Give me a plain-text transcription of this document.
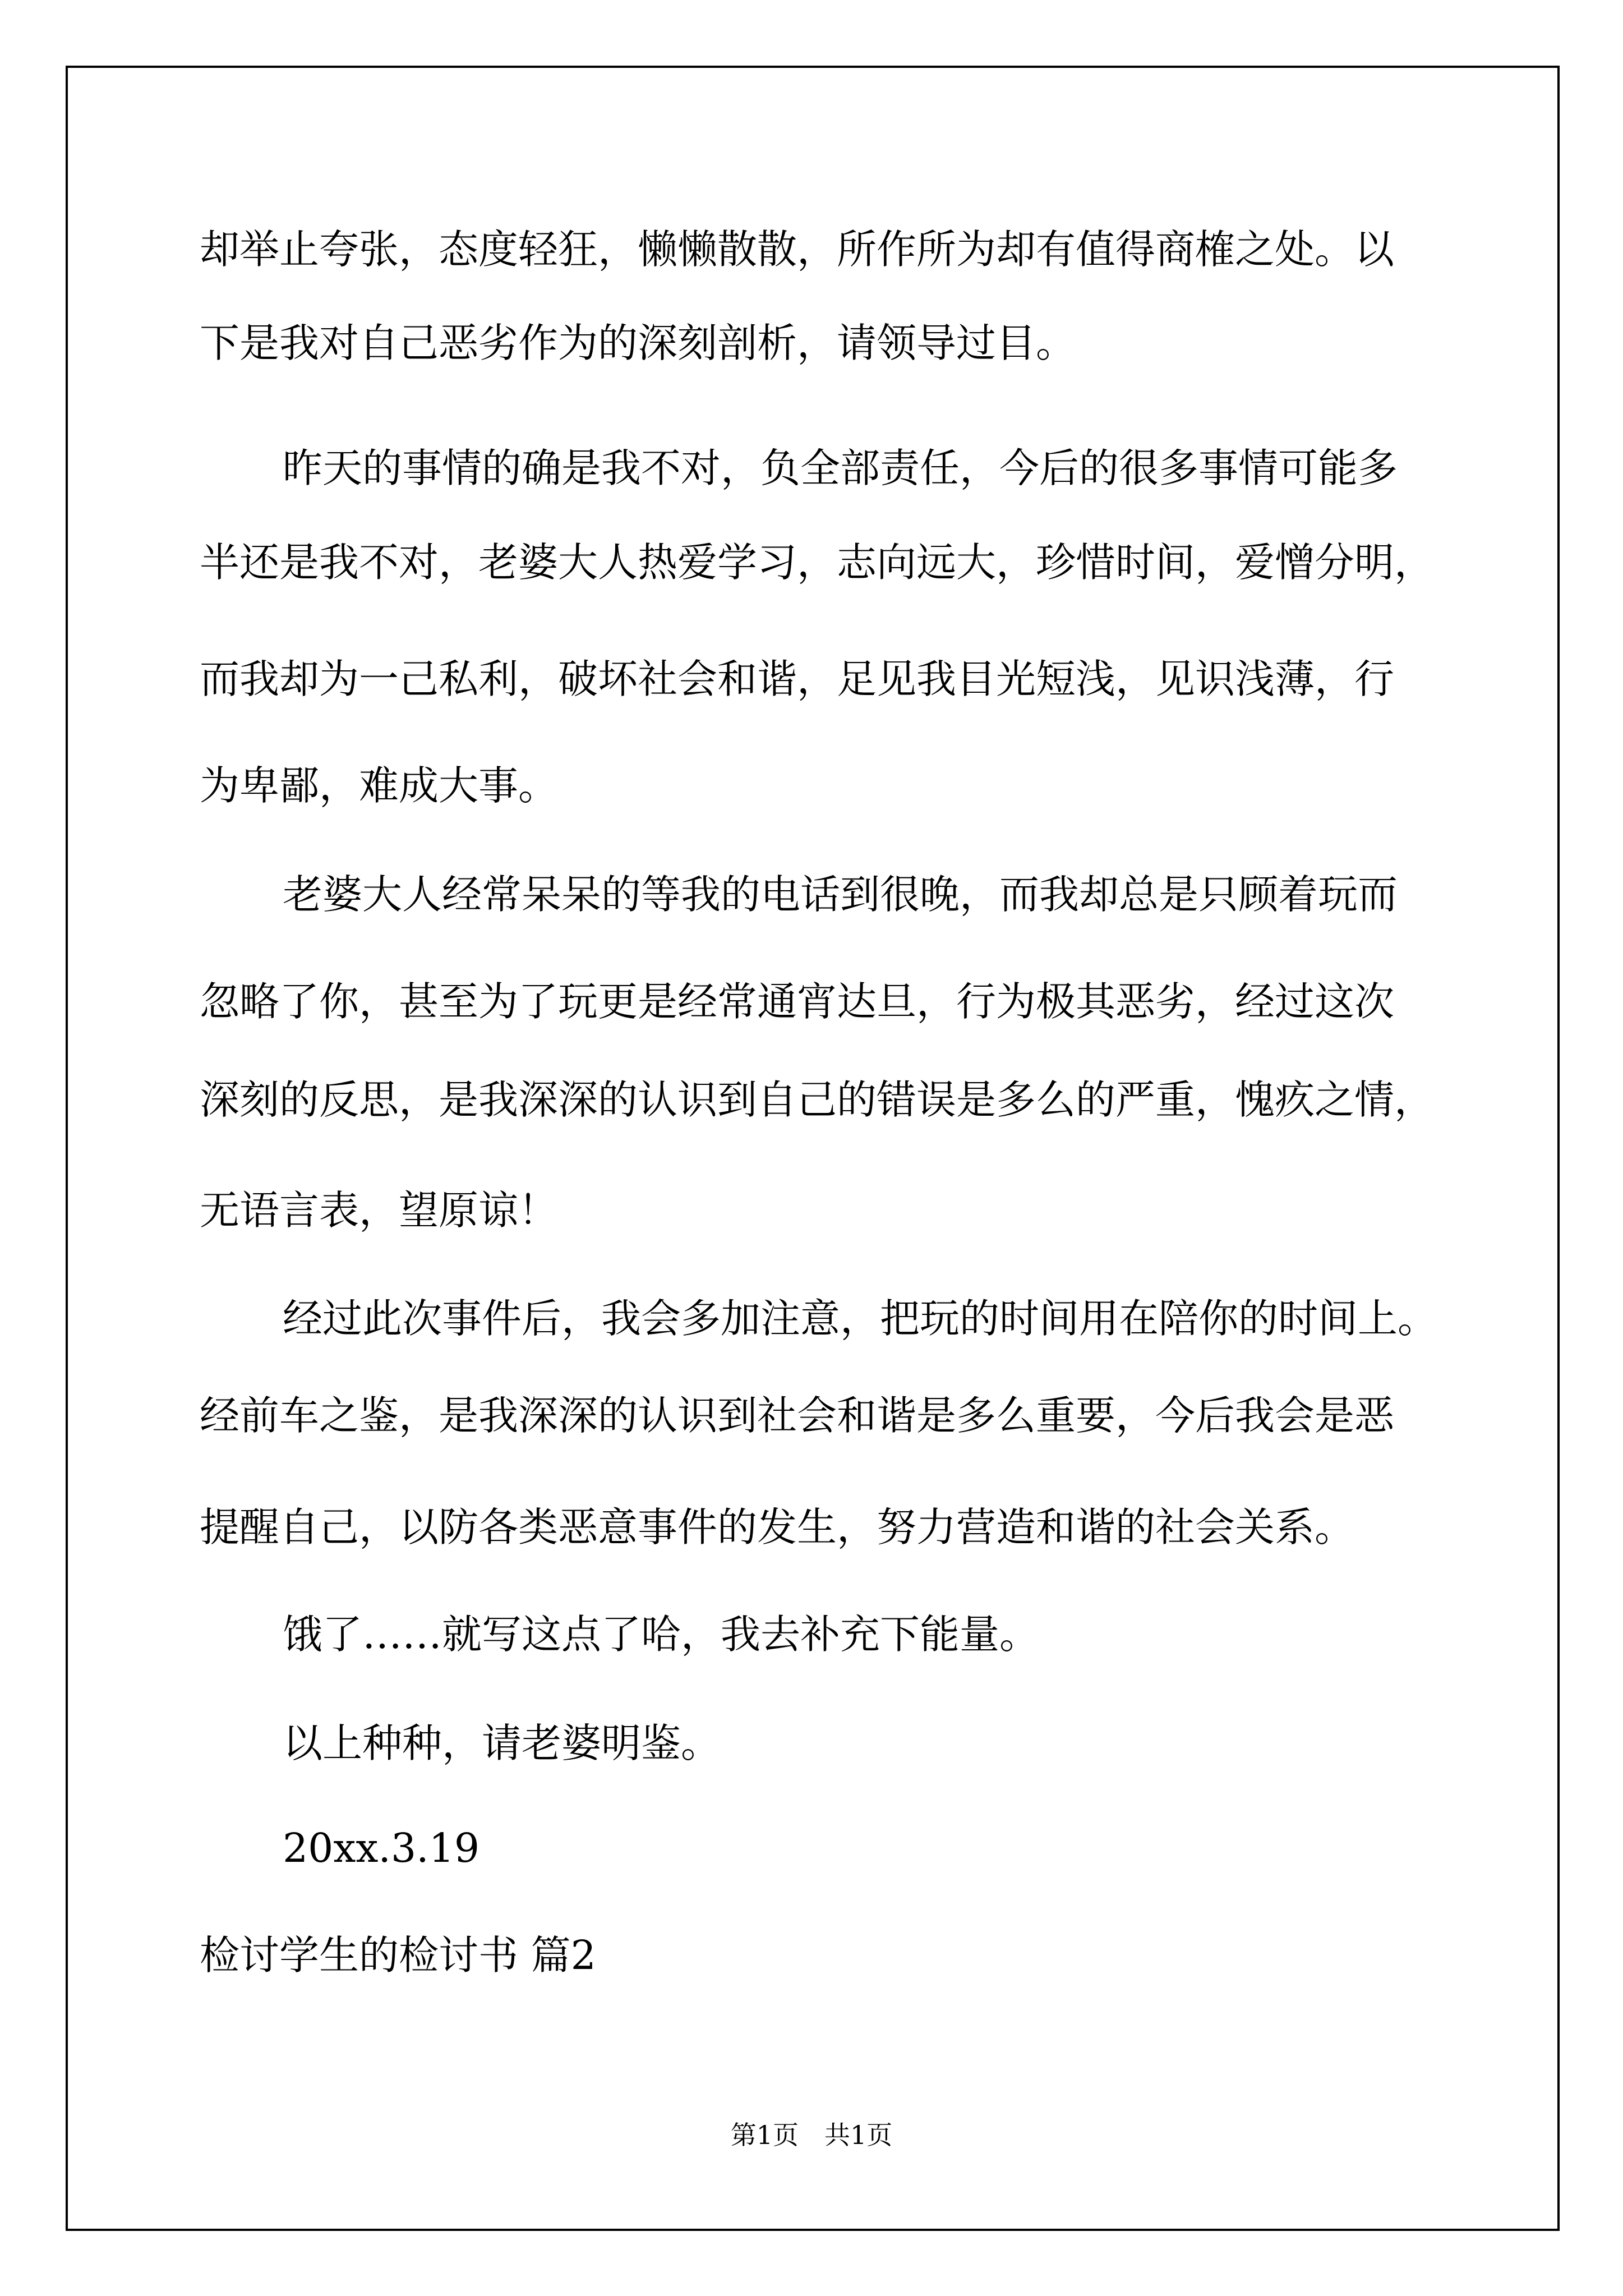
却举止夸张，态度轻狂，懒懒散散，所作所为却有值得商榷之处。以
下是我对自己恶劣作为的深刻剖析，请领导过目。
昨天的事情的确是我不对，负全部责任，今后的很多事情可能多
半还是我不对，老婆大人热爱学习，志向远大，珍惜时间，爱憎分明，
而我却为一己私利，破坏社会和谐，足见我目光短浅，见识浅薄，行
为卑鄙，难成大事。
老婆大人经常呆呆的等我的电话到很晚，而我却总是只顾着玩而
忽略了你，甚至为了玩更是经常通宵达旦，行为极其恶劣，经过这次
深刻的反思，是我深深的认识到自己的错误是多么的严重，愧疚之情，
无语言表，望原谅！
经过此次事件后，我会多加注意，把玩的时间用在陪你的时间上。
经前车之鉴，是我深深的认识到社会和谐是多么重要，今后我会是恶
提醒自己，以防各类恶意事件的发生，努力营造和谐的社会关系。
饿了……就写这点了哈，我去补充下能量。
以上种种，请老婆明鉴。
20xx.3.19
检讨学生的检讨书 篇2
第1页　共1页
